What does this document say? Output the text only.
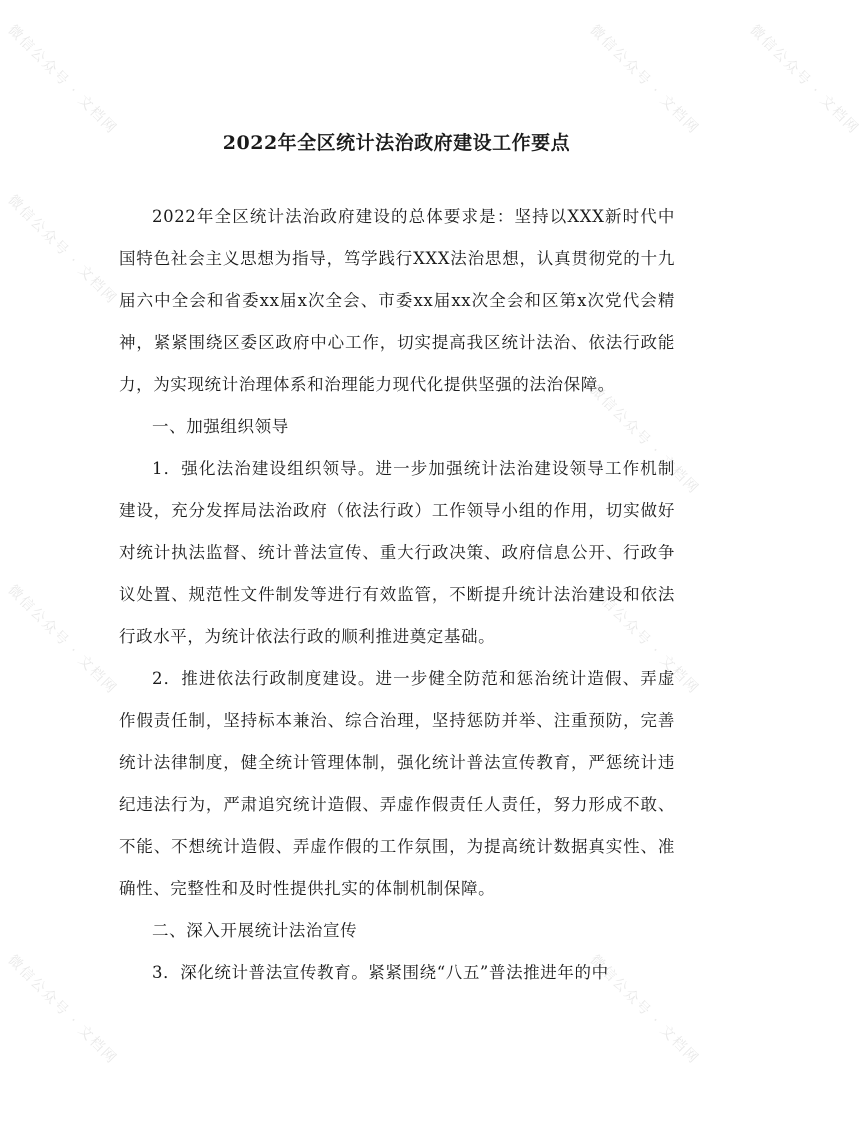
微信公众号 · 文档网	微信公众号 · 文档网	微信公众号 · 文档网
微信公众号 · 文档网
微信公众号 · 文档网
微信公众号 · 文档网	微信公众号 · 文档网
微信公众号 · 文档网	微信公众号 · 文档网
2022年全区统计法治政府建设工作要点

2022年全区统计法治政府建设的总体要求是：坚持以XXX新时代中国特色社会主义思想为指导，笃学践行XXX法治思想，认真贯彻党的十九届六中全会和省委xx届x次全会、市委xx届xx次全会和区第x次党代会精神，紧紧围绕区委区政府中心工作，切实提高我区统计法治、依法行政能力，为实现统计治理体系和治理能力现代化提供坚强的法治保障。

一、加强组织领导

1．强化法治建设组织领导。进一步加强统计法治建设领导工作机制建设，充分发挥局法治政府（依法行政）工作领导小组的作用，切实做好对统计执法监督、统计普法宣传、重大行政决策、政府信息公开、行政争议处置、规范性文件制发等进行有效监管，不断提升统计法治建设和依法行政水平，为统计依法行政的顺利推进奠定基础。

2．推进依法行政制度建设。进一步健全防范和惩治统计造假、弄虚作假责任制，坚持标本兼治、综合治理，坚持惩防并举、注重预防，完善统计法律制度，健全统计管理体制，强化统计普法宣传教育，严惩统计违纪违法行为，严肃追究统计造假、弄虚作假责任人责任，努力形成不敢、不能、不想统计造假、弄虚作假的工作氛围，为提高统计数据真实性、准确性、完整性和及时性提供扎实的体制机制保障。

二、深入开展统计法治宣传

3．深化统计普法宣传教育。紧紧围绕“八五”普法推进年的中
